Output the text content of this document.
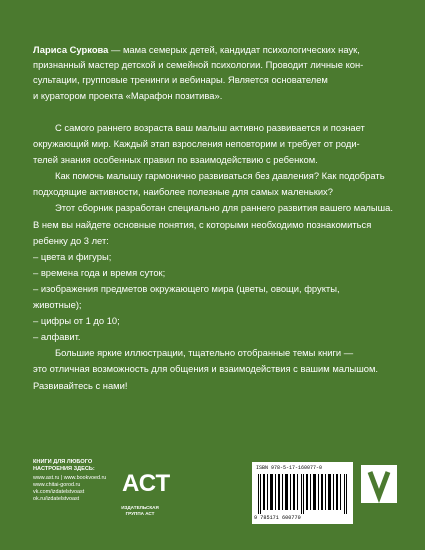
Лариса Суркова — мама семерых детей, кандидат психологических наук,
признанный мастер детской и семейной психологии. Проводит личные кон-
сультации, групповые тренинги и вебинары. Является основателем
и куратором проекта «Марафон позитива».

С самого раннего возраста ваш малыш активно развивается и познает
окружающий мир. Каждый этап взросления неповторим и требует от роди-
телей знания особенных правил по взаимодействию с ребенком.

Как помочь малышу гармонично развиваться без давления? Как подобрать
подходящие активности, наиболее полезные для самых маленьких?

Этот сборник разработан специально для раннего развития вашего малыша.
В нем вы найдете основные понятия, с которыми необходимо познакомиться
ребенку до 3 лет:

– цвета и фигуры;

– времена года и время суток;

– изображения предметов окружающего мира (цветы, овощи, фрукты,
животные);

– цифры от 1 до 10;

– алфавит.

Большие яркие иллюстрации, тщательно отобранные темы книги —
это отличная возможность для общения и взаимодействия с вашим малышом.
Развивайтесь с нами!

КНИГИ ДЛЯ ЛЮБОГО
НАСТРОЕНИЯ ЗДЕСЬ:
www.ast.ru | www.bookvoed.ru
www.chitai-gorod.ru
vk.com/izdatelstvoast
ok.ru/izdatelstvoast
АСТ
ИЗДАТЕЛЬСКАЯ
ГРУППА АСТ
ISBN 978-5-17-160077-0
9 785171 600770
